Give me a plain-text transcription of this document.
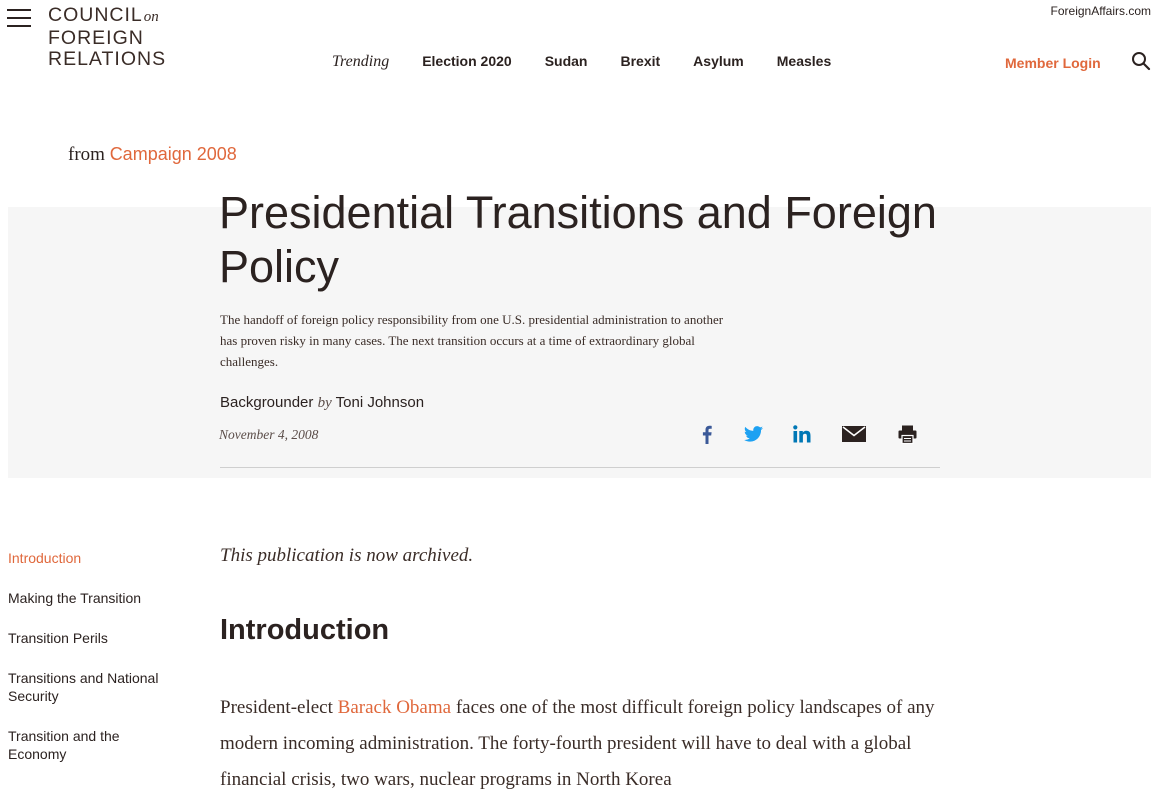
COUNCILon
FOREIGN
RELATIONS
ForeignAffairs.com
Trending Election 2020 Sudan Brexit Asylum Measles	Member Login
from Campaign 2008
Presidential Transitions and Foreign Policy

The handoff of foreign policy responsibility from one U.S. presidential administration to another has proven risky in many cases. The next transition occurs at a time of extraordinary global challenges.

Backgrounder by Toni Johnson
November 4, 2008
Introduction
Making the Transition
Transition Perils
Transitions and National Security
Transition and the Economy
This publication is now archived.
Introduction

President-elect Barack Obama faces one of the most difficult foreign policy landscapes of any modern incoming administration. The forty-fourth president will have to deal with a global financial crisis, two wars, nuclear programs in North Korea
